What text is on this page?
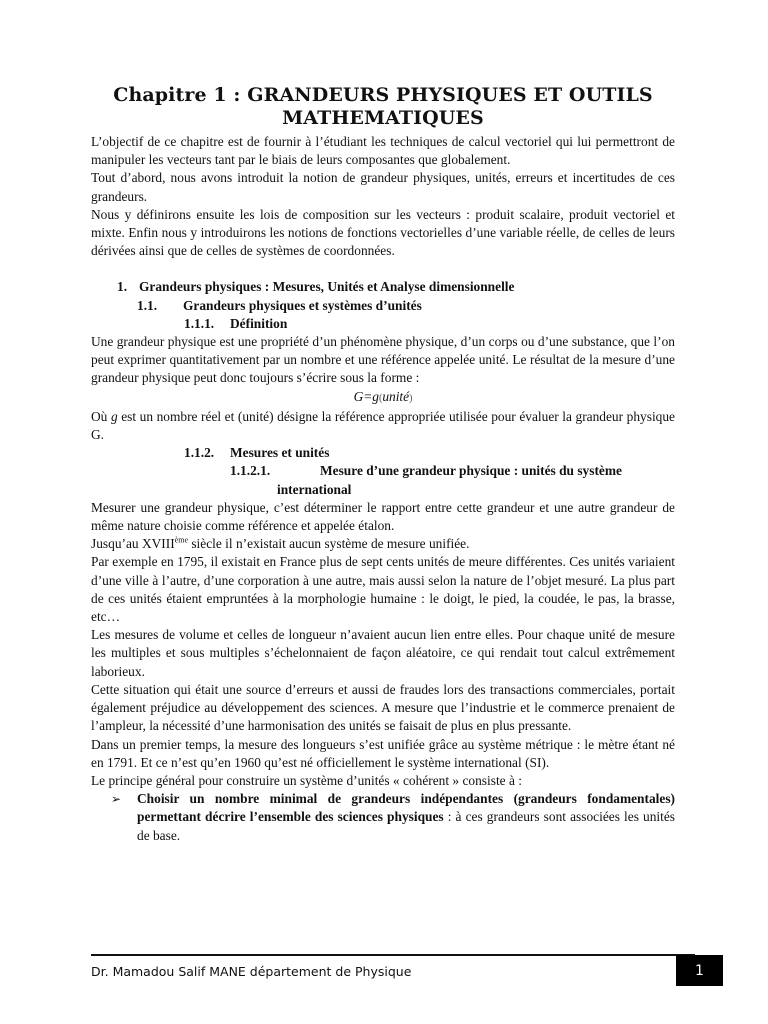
Chapitre 1 : GRANDEURS PHYSIQUES ET OUTILS MATHEMATIQUES

L’objectif de ce chapitre est de fournir à l’étudiant les techniques de calcul vectoriel qui lui permettront de manipuler les vecteurs tant par le biais de leurs composantes que globalement.

Tout d’abord, nous avons introduit la notion de grandeur physiques, unités, erreurs et incertitudes de ces grandeurs.

Nous y définirons ensuite les lois de composition sur les vecteurs : produit scalaire, produit vectoriel et mixte. Enfin nous y introduirons les notions de fonctions vectorielles d’une variable réelle, de celles de leurs dérivées ainsi que de celles de systèmes de coordonnées.

1. Grandeurs physiques : Mesures, Unités et Analyse dimensionnelle

1.1. Grandeurs physiques et systèmes d’unités

1.1.1. Définition

Une grandeur physique est une propriété d’un phénomène physique, d’un corps ou d’une substance, que l’on peut exprimer quantitativement par un nombre et une référence appelée unité. Le résultat de la mesure d’une grandeur physique peut donc toujours s’écrire sous la forme :

G=g(unité)

Où g est un nombre réel et (unité) désigne la référence appropriée utilisée pour évaluer la grandeur physique G.

1.1.2. Mesures et unités

1.1.2.1.	Mesure d’une grandeur physique : unités du système

international

Mesurer une grandeur physique, c’est déterminer le rapport entre cette grandeur et une autre grandeur de même nature choisie comme référence et appelée étalon.

Jusqu’au XVIIIème siècle il n’existait aucun système de mesure unifiée.

Par exemple en 1795, il existait en France plus de sept cents unités de meure différentes. Ces unités variaient d’une ville à l’autre, d’une corporation à une autre, mais aussi selon la nature de l’objet mesuré. La plus part de ces unités étaient empruntées à la morphologie humaine : le doigt, le pied, la coudée, le pas, la brasse, etc…

Les mesures de volume et celles de longueur n’avaient aucun lien entre elles. Pour chaque unité de mesure les multiples et sous multiples s’échelonnaient de façon aléatoire, ce qui rendait tout calcul extrêmement laborieux.

Cette situation qui était une source d’erreurs et aussi de fraudes lors des transactions commerciales, portait également préjudice au développement des sciences. A mesure que l’industrie et le commerce prenaient de l’ampleur, la nécessité d’une harmonisation des unités se faisait de plus en plus pressante.

Dans un premier temps, la mesure des longueurs s’est unifiée grâce au système métrique : le mètre étant né en 1791. Et ce n’est qu’en 1960 qu’est né officiellement le système international (SI).

Le principe général pour construire un système d’unités « cohérent » consiste à :

➢	Choisir un nombre minimal de grandeurs indépendantes (grandeurs fondamentales) permettant décrire l’ensemble des sciences physiques : à ces grandeurs sont associées les unités de base.

Dr. Mamadou Salif MANE département de Physique	1
